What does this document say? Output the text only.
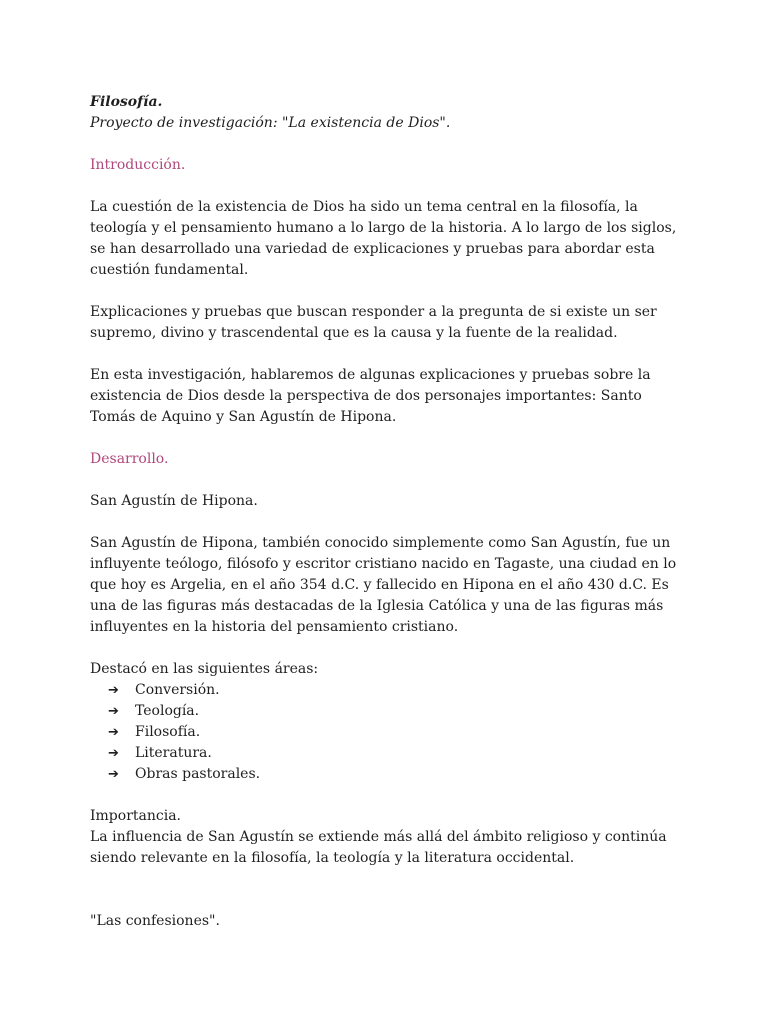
Filosofía.

Proyecto de investigación: "La existencia de Dios".

Introducción.

La cuestión de la existencia de Dios ha sido un tema central en la filosofía, la teología y el pensamiento humano a lo largo de la historia. A lo largo de los siglos, se han desarrollado una variedad de explicaciones y pruebas para abordar esta cuestión fundamental.

Explicaciones y pruebas que buscan responder a la pregunta de si existe un ser supremo, divino y trascendental que es la causa y la fuente de la realidad.

En esta investigación, hablaremos de algunas explicaciones y pruebas sobre la existencia de Dios desde la perspectiva de dos personajes importantes: Santo Tomás de Aquino y San Agustín de Hipona.

Desarrollo.

San Agustín de Hipona.

San Agustín de Hipona, también conocido simplemente como San Agustín, fue un influyente teólogo, filósofo y escritor cristiano nacido en Tagaste, una ciudad en lo que hoy es Argelia, en el año 354 d.C. y fallecido en Hipona en el año 430 d.C. Es una de las figuras más destacadas de la Iglesia Católica y una de las figuras más influyentes en la historia del pensamiento cristiano.

Destacó en las siguientes áreas:

➔	Conversión.
➔	Teología.
➔	Filosofía.
➔	Literatura.
➔	Obras pastorales.

Importancia.

La influencia de San Agustín se extiende más allá del ámbito religioso y continúa siendo relevante en la filosofía, la teología y la literatura occidental.

"Las confesiones".
